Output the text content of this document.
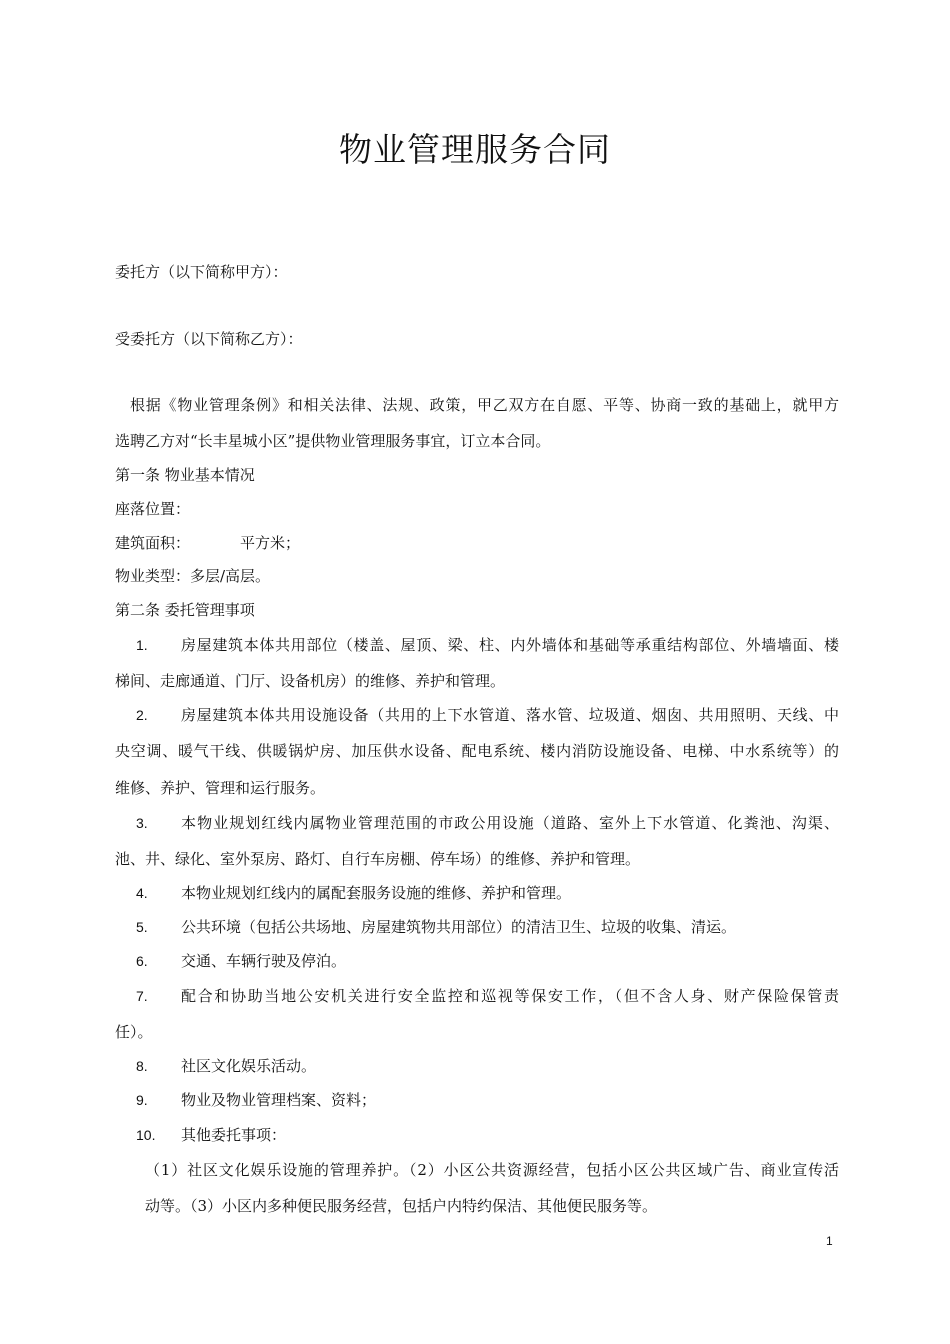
物业管理服务合同
委托方（以下简称甲方）：
受委托方（以下简称乙方）：
根据《物业管理条例》和相关法律、法规、政策，甲乙双方在自愿、平等、协商一致的基础上，就甲方
选聘乙方对“长丰星城小区”提供物业管理服务事宜，订立本合同。
第一条 物业基本情况
座落位置：
建筑面积：	平方米；
物业类型：多层/高层。
第二条 委托管理事项
1. 房屋建筑本体共用部位（楼盖、屋顶、梁、柱、内外墙体和基础等承重结构部位、外墙墙面、楼
梯间、走廊通道、门厅、设备机房）的维修、养护和管理。
2. 房屋建筑本体共用设施设备（共用的上下水管道、落水管、垃圾道、烟囱、共用照明、天线、中
央空调、暖气干线、供暖锅炉房、加压供水设备、配电系统、楼内消防设施设备、电梯、中水系统等）的
维修、养护、管理和运行服务。
3. 本物业规划红线内属物业管理范围的市政公用设施（道路、室外上下水管道、化粪池、沟渠、
池、井、绿化、室外泵房、路灯、自行车房棚、停车场）的维修、养护和管理。
4. 本物业规划红线内的属配套服务设施的维修、养护和管理。
5. 公共环境（包括公共场地、房屋建筑物共用部位）的清洁卫生、垃圾的收集、清运。
6. 交通、车辆行驶及停泊。
7. 配合和协助当地公安机关进行安全监控和巡视等保安工作，（但不含人身、财产保险保管责
任）。
8. 社区文化娱乐活动。
9. 物业及物业管理档案、资料；
10. 其他委托事项：
（1）社区文化娱乐设施的管理养护。（2）小区公共资源经营，包括小区公共区域广告、商业宣传活
动等。（3）小区内多种便民服务经营，包括户内特约保洁、其他便民服务等。
1
